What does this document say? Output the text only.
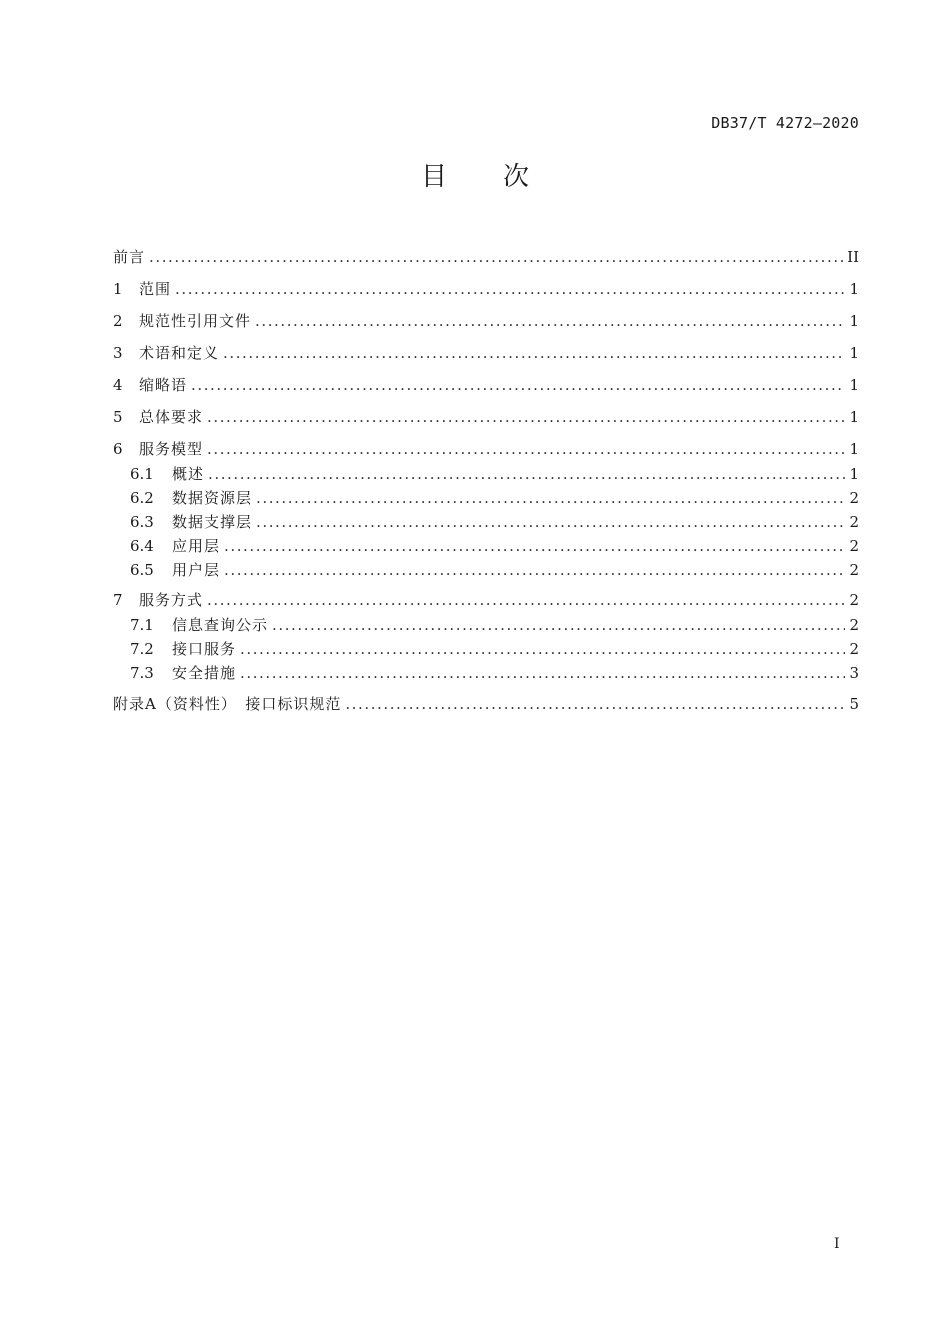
DB37/T 4272—2020
目次
前言 . . .	II
1	范围 . . .	1
2	规范性引用文件 . . .	1
3	术语和定义 . . .	1
4	缩略语 . . .	1
5	总体要求 . . .	1
6	服务模型 . . .	1
6.1	概述 . . .	1
6.2	数据资源层 . . .	2
6.3	数据支撑层 . . .	2
6.4	应用层 . . .	2
6.5	用户层 . . .	2
7	服务方式 . . .	2
7.1	信息查询公示 . . .	2
7.2	接口服务 . . .	2
7.3	安全措施 . . .	3
附录A（资料性）　接口标识规范 . . .	5
I
